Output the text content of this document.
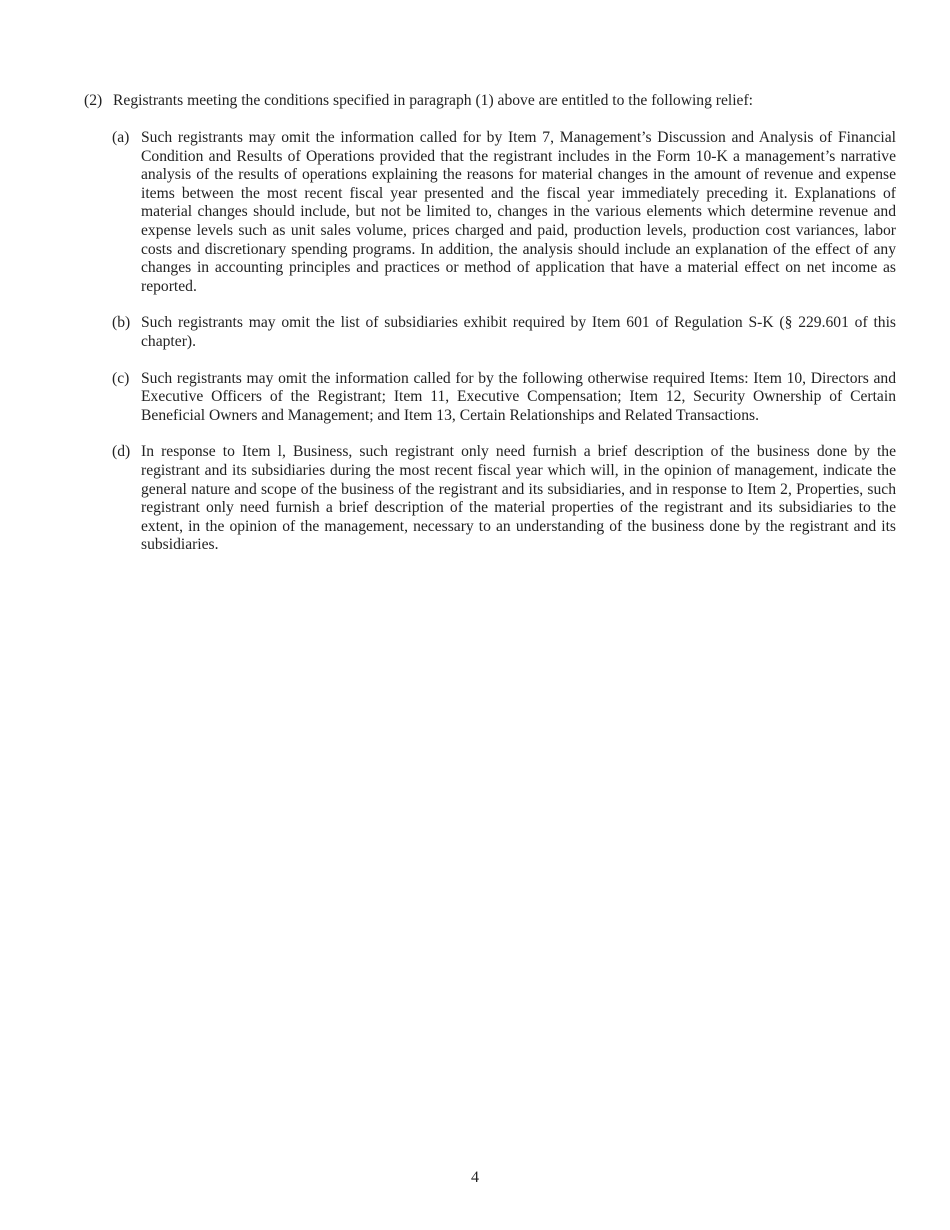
(2) Registrants meeting the conditions specified in paragraph (1) above are entitled to the following relief:
(a) Such registrants may omit the information called for by Item 7, Management’s Discussion and Analysis of Financial Condition and Results of Operations provided that the registrant includes in the Form 10-K a management’s narrative analysis of the results of operations explaining the reasons for material changes in the amount of revenue and expense items between the most recent fiscal year presented and the fiscal year immediately preceding it. Explanations of material changes should include, but not be limited to, changes in the various elements which determine revenue and expense levels such as unit sales volume, prices charged and paid, production levels, production cost variances, labor costs and discretionary spending programs. In addition, the analysis should include an explanation of the effect of any changes in accounting principles and practices or method of application that have a material effect on net income as reported.
(b) Such registrants may omit the list of subsidiaries exhibit required by Item 601 of Regulation S-K (§ 229.601 of this chapter).
(c) Such registrants may omit the information called for by the following otherwise required Items: Item 10, Directors and Executive Officers of the Registrant; Item 11, Executive Compensation; Item 12, Security Ownership of Certain Beneficial Owners and Management; and Item 13, Certain Relationships and Related Transactions.
(d) In response to Item l, Business, such registrant only need furnish a brief description of the business done by the registrant and its subsidiaries during the most recent fiscal year which will, in the opinion of management, indicate the general nature and scope of the business of the registrant and its subsidiaries, and in response to Item 2, Properties, such registrant only need furnish a brief description of the material properties of the registrant and its subsidiaries to the extent, in the opinion of the management, necessary to an understanding of the business done by the registrant and its subsidiaries.
4
